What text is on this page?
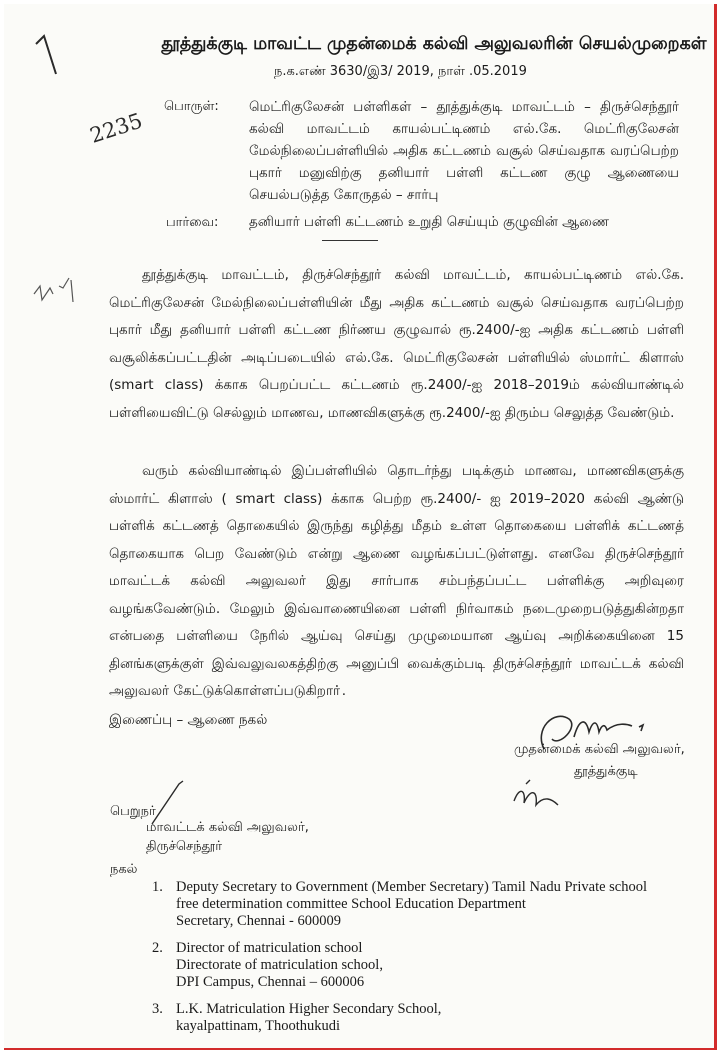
2235
தூத்துக்குடி மாவட்ட முதன்மைக் கல்வி அலுவலரின் செயல்முறைகள்
ந.க.எண் 3630/இ3/ 2019, நாள் .05.2019
பொருள்: மெட்ரிகுலேசன் பள்ளிகள் – தூத்துக்குடி மாவட்டம் – திருச்செந்தூர் கல்வி மாவட்டம் காயல்பட்டிணம் எல்.கே. மெட்ரிகுலேசன் மேல்நிலைப்பள்ளியில் அதிக கட்டணம் வசூல் செய்வதாக வரப்பெற்ற புகார் மனுவிற்கு தனியார் பள்ளி கட்டண குழு ஆணையை செயல்படுத்த கோருதல் – சார்பு
பார்வை: தனியார் பள்ளி கட்டணம் உறுதி செய்யும் குழுவின் ஆணை
தூத்துக்குடி மாவட்டம், திருச்செந்தூர் கல்வி மாவட்டம், காயல்பட்டிணம் எல்.கே. மெட்ரிகுலேசன் மேல்நிலைப்பள்ளியின் மீது அதிக கட்டணம் வசூல் செய்வதாக வரப்பெற்ற புகார் மீது தனியார் பள்ளி கட்டண நிர்ணய குழுவால் ரூ.2400/-ஐ அதிக கட்டணம் பள்ளி வசூலிக்கப்பட்டதின் அடிப்படையில் எல்.கே. மெட்ரிகுலேசன் பள்ளியில் ஸ்மார்ட் கிளாஸ் (smart class) க்காக பெறப்பட்ட கட்டணம் ரூ.2400/-ஐ 2018–2019ம் கல்வியாண்டில் பள்ளியைவிட்டு செல்லும் மாணவ, மாணவிகளுக்கு ரூ.2400/-ஐ திரும்ப செலுத்த வேண்டும்.
வரும் கல்வியாண்டில் இப்பள்ளியில் தொடர்ந்து படிக்கும் மாணவ, மாணவிகளுக்கு ஸ்மார்ட் கிளாஸ் ( smart class) க்காக பெற்ற ரூ.2400/- ஐ 2019–2020 கல்வி ஆண்டு பள்ளிக் கட்டணத் தொகையில் இருந்து கழித்து மீதம் உள்ள தொகையை பள்ளிக் கட்டணத் தொகையாக பெற வேண்டும் என்று ஆணை வழங்கப்பட்டுள்ளது. எனவே திருச்செந்தூர் மாவட்டக் கல்வி அலுவலர் இது சார்பாக சம்பந்தப்பட்ட பள்ளிக்கு அறிவுரை வழங்கவேண்டும். மேலும் இவ்வாணையினை பள்ளி நிர்வாகம் நடைமுறைபடுத்துகின்றதா என்பதை பள்ளியை நேரில் ஆய்வு செய்து முழுமையான ஆய்வு அறிக்கையினை 15 தினங்களுக்குள் இவ்வலுவலகத்திற்கு அனுப்பி வைக்கும்படி திருச்செந்தூர் மாவட்டக் கல்வி அலுவலர் கேட்டுக்கொள்ளப்படுகிறாா்.
இணைப்பு – ஆணை நகல்
முதன்மைக் கல்வி அலுவலர்,
தூத்துக்குடி
பெறுநர்
மாவட்டக் கல்வி அலுவலர்,
திருச்செந்தூர்
நகல்
1. Deputy Secretary to Government (Member Secretary) Tamil Nadu Private school
free determination committee School Education Department
Secretary, Chennai - 600009
2. Director of matriculation school
Directorate of matriculation school,
DPI Campus, Chennai – 600006
3. L.K. Matriculation Higher Secondary School,
kayalpattinam, Thoothukudi
